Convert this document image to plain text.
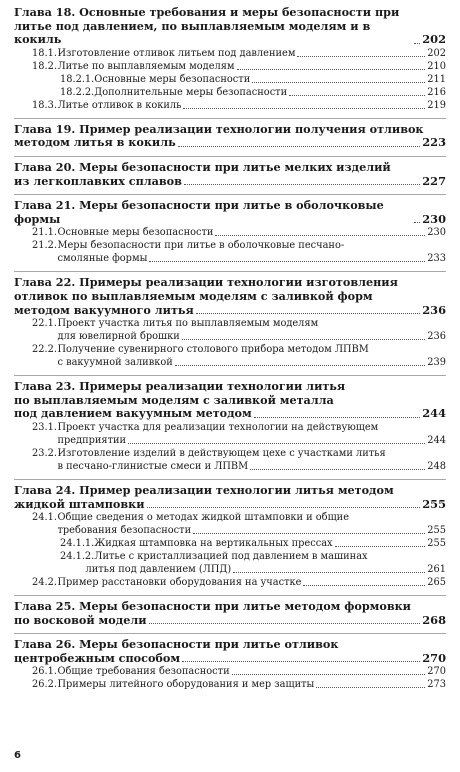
Глава 18. Основные требования и меры безопасности при
литье под давлением, по выплавляемым моделям и в кокиль	202
18.1.Изготовление отливок литьем под давлением	202
18.2.Литье по выплавляемым моделям	210
18.2.1.Основные меры безопасности	211
18.2.2.Дополнительные меры безопасности	216
18.3.Литье отливок в кокиль	219
Глава 19. Пример реализации технологии получения отливок
методом литья в кокиль	223
Глава 20. Меры безопасности при литье мелких изделий
из легкоплавких сплавов	227
Глава 21. Меры безопасности при литье в оболочковые формы	230
21.1.Основные меры безопасности	230
21.2.Меры безопасности при литье в оболочковые песчано-
смоляные формы	233
Глава 22. Примеры реализации технологии изготовления
отливок по выплавляемым моделям с заливкой форм
методом вакуумного литья	236
22.1.Проект участка литья по выплавляемым моделям
для ювелирной брошки	236
22.2.Получение сувенирного столового прибора методом ЛПВМ
с вакуумной заливкой	239
Глава 23. Примеры реализации технологии литья
по выплавляемым моделям с заливкой металла
под давлением вакуумным методом	244
23.1.Проект участка для реализации технологии на действующем
предприятии	244
23.2.Изготовление изделий в действующем цехе с участками литья
в песчано-глинистые смеси и ЛПВМ	248
Глава 24. Пример реализации технологии литья методом
жидкой штамповки	255
24.1.Общие сведения о методах жидкой штамповки и общие
требования безопасности	255
24.1.1.Жидкая штамповка на вертикальных прессах	255
24.1.2.Литье с кристаллизацией под давлением в машинах
литья под давлением (ЛПД)	261
24.2.Пример расстановки оборудования на участке	265
Глава 25. Меры безопасности при литье методом формовки
по восковой модели	268
Глава 26. Меры безопасности при литье отливок
центробежным способом	270
26.1.Общие требования безопасности	270
26.2.Примеры литейного оборудования и мер защиты	273
6
